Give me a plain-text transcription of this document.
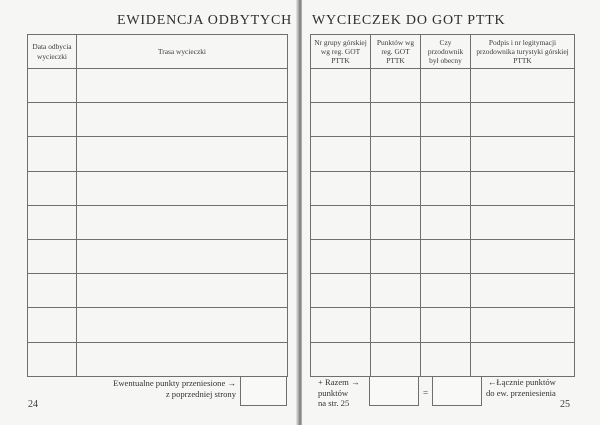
EWIDENCJA ODBYTYCH
Data odbycia wycieczki	Trasa wycieczki

Ewentualne punkty przeniesione →
z poprzedniej strony
24
WYCIECZEK DO GOT PTTK
Nr grupy górskiej wg reg. GOT PTTK	Punktów wg reg. GOT PTTK	Czy przodownik był obecny	Podpis i nr legitymacji przodownika turystyki górskiej PTTK

+ Razem →
punktów
na str. 25
=
←Łącznie punktów
do ew. przeniesienia
25
